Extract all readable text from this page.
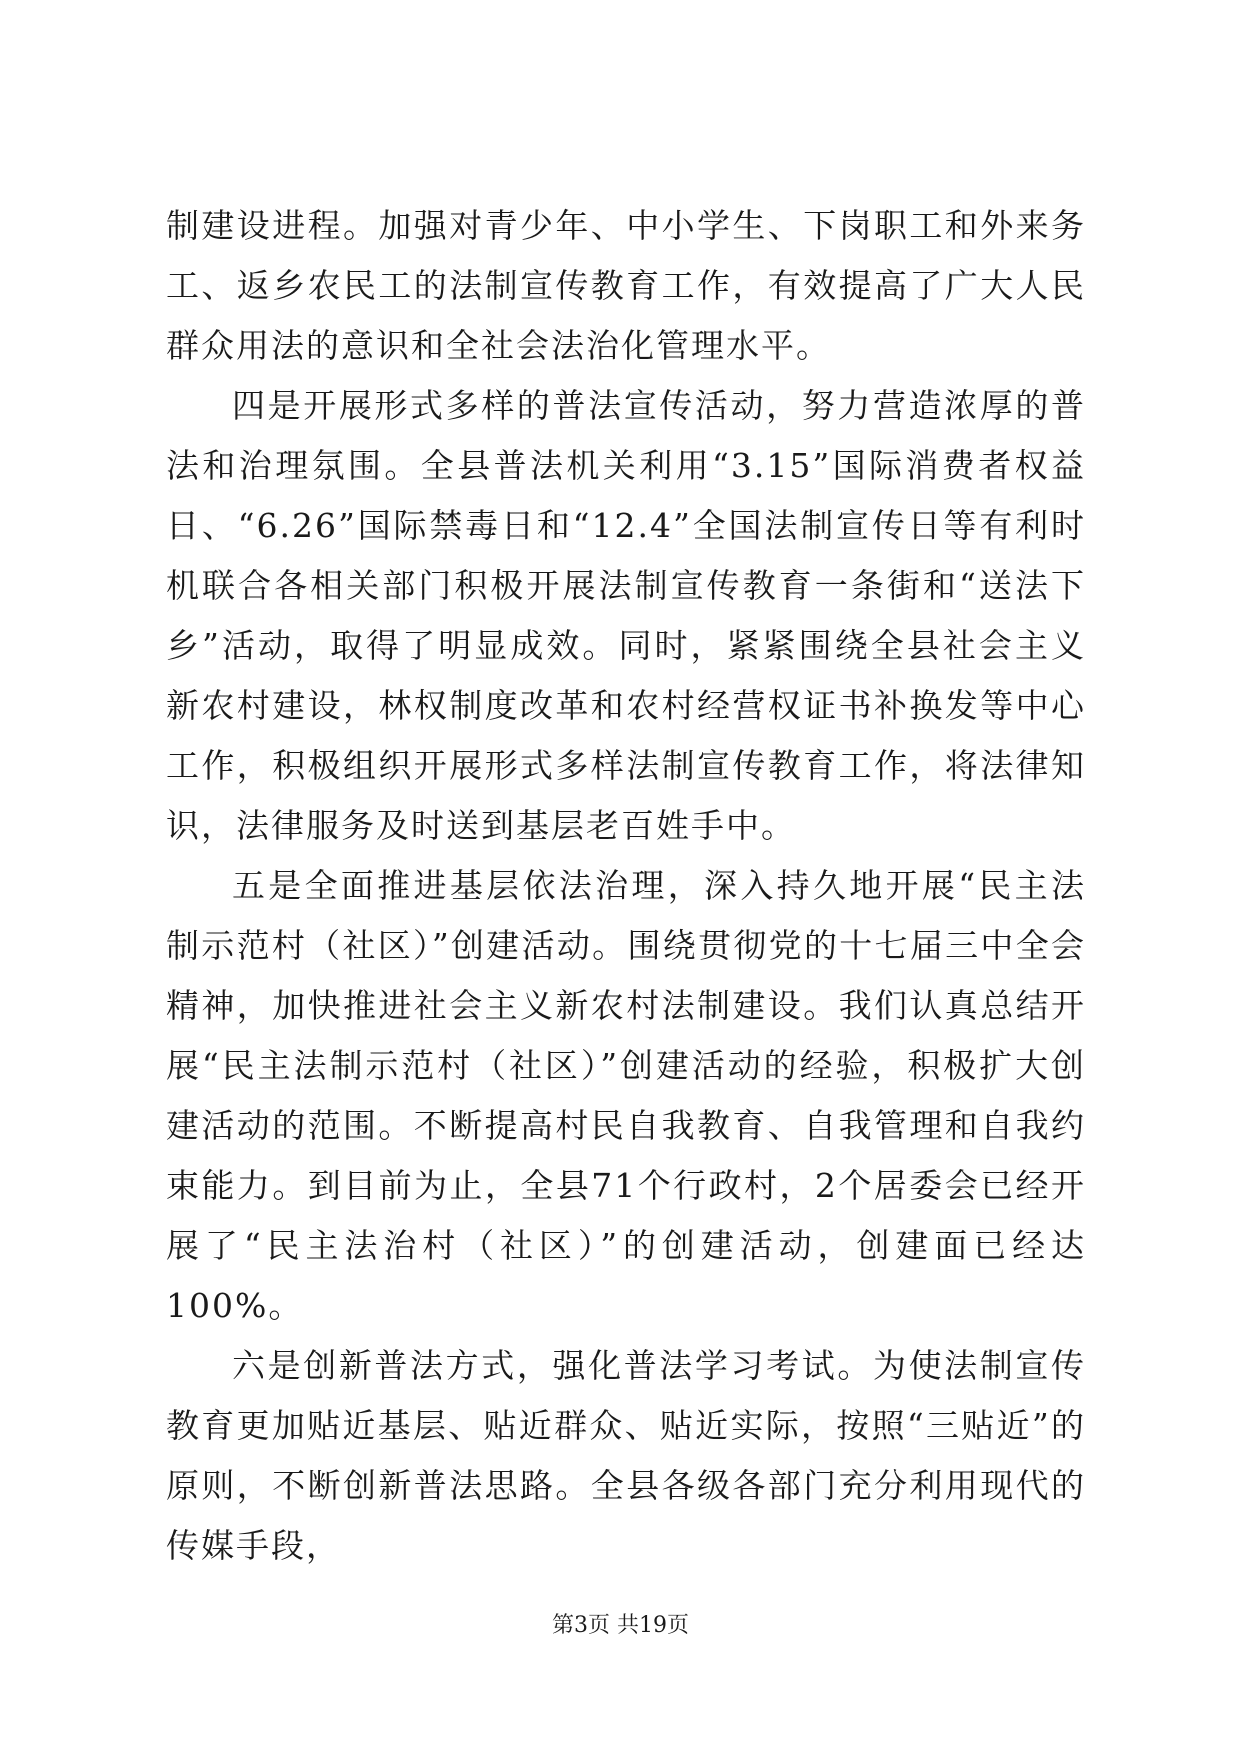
制建设进程。加强对青少年、中小学生、下岗职工和外来务工、返乡农民工的法制宣传教育工作，有效提高了广大人民群众用法的意识和全社会法治化管理水平。

四是开展形式多样的普法宣传活动，努力营造浓厚的普法和治理氛围。全县普法机关利用“3.15”国际消费者权益日、“6.26”国际禁毒日和“12.4”全国法制宣传日等有利时机联合各相关部门积极开展法制宣传教育一条街和“送法下乡”活动，取得了明显成效。同时，紧紧围绕全县社会主义新农村建设，林权制度改革和农村经营权证书补换发等中心工作，积极组织开展形式多样法制宣传教育工作，将法律知识，法律服务及时送到基层老百姓手中。

五是全面推进基层依法治理，深入持久地开展“民主法制示范村（社区）”创建活动。围绕贯彻党的十七届三中全会精神，加快推进社会主义新农村法制建设。我们认真总结开展“民主法制示范村（社区）”创建活动的经验，积极扩大创建活动的范围。不断提高村民自我教育、自我管理和自我约束能力。到目前为止，全县71个行政村，2个居委会已经开展了“民主法治村（社区）”的创建活动，创建面已经达100%。

六是创新普法方式，强化普法学习考试。为使法制宣传教育更加贴近基层、贴近群众、贴近实际，按照“三贴近”的原则，不断创新普法思路。全县各级各部门充分利用现代的传媒手段，

第3页 共19页
